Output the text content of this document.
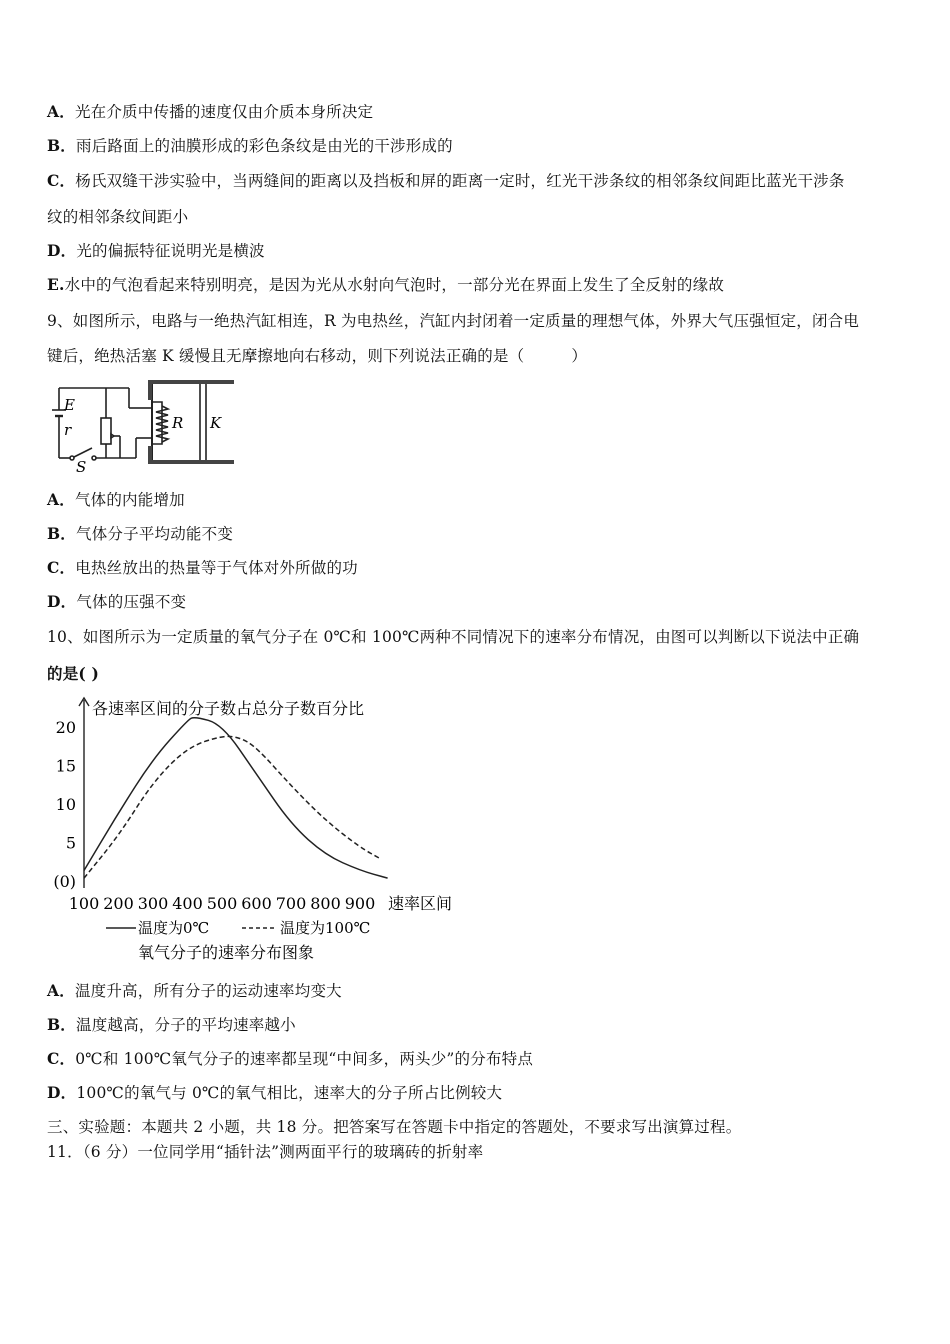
A．光在介质中传播的速度仅由介质本身所决定
B．雨后路面上的油膜形成的彩色条纹是由光的干涉形成的
C．杨氏双缝干涉实验中，当两缝间的距离以及挡板和屏的距离一定时，红光干涉条纹的相邻条纹间距比蓝光干涉条
纹的相邻条纹间距小
D．光的偏振特征说明光是横波
E.水中的气泡看起来特别明亮，是因为光从水射向气泡时，一部分光在界面上发生了全反射的缘故
9、如图所示，电路与一绝热汽缸相连，R 为电热丝，汽缸内封闭着一定质量的理想气体，外界大气压强恒定，闭合电
键后，绝热活塞 K 缓慢且无摩擦地向右移动，则下列说法正确的是（　　　）
E
r
S
R K
A．气体的内能增加
B．气体分子平均动能不变
C．电热丝放出的热量等于气体对外所做的功
D．气体的压强不变
10、如图所示为一定质量的氧气分子在 0℃和 100℃两种不同情况下的速率分布情况，由图可以判断以下说法中正确
的是( )
各速率区间的分子数占总分子数百分比
速率区间
(0)
5
10
15
20
100 200 300 400 500 600 700 800 900
温度为0℃	温度为100℃
氧气分子的速率分布图象
A．温度升高，所有分子的运动速率均变大
B．温度越高，分子的平均速率越小
C．0℃和 100℃氧气分子的速率都呈现“中间多，两头少”的分布特点
D．100℃的氧气与 0℃的氧气相比，速率大的分子所占比例较大
三、实验题：本题共 2 小题，共 18 分。把答案写在答题卡中指定的答题处，不要求写出演算过程。
11．（6 分）一位同学用“插针法”测两面平行的玻璃砖的折射率
